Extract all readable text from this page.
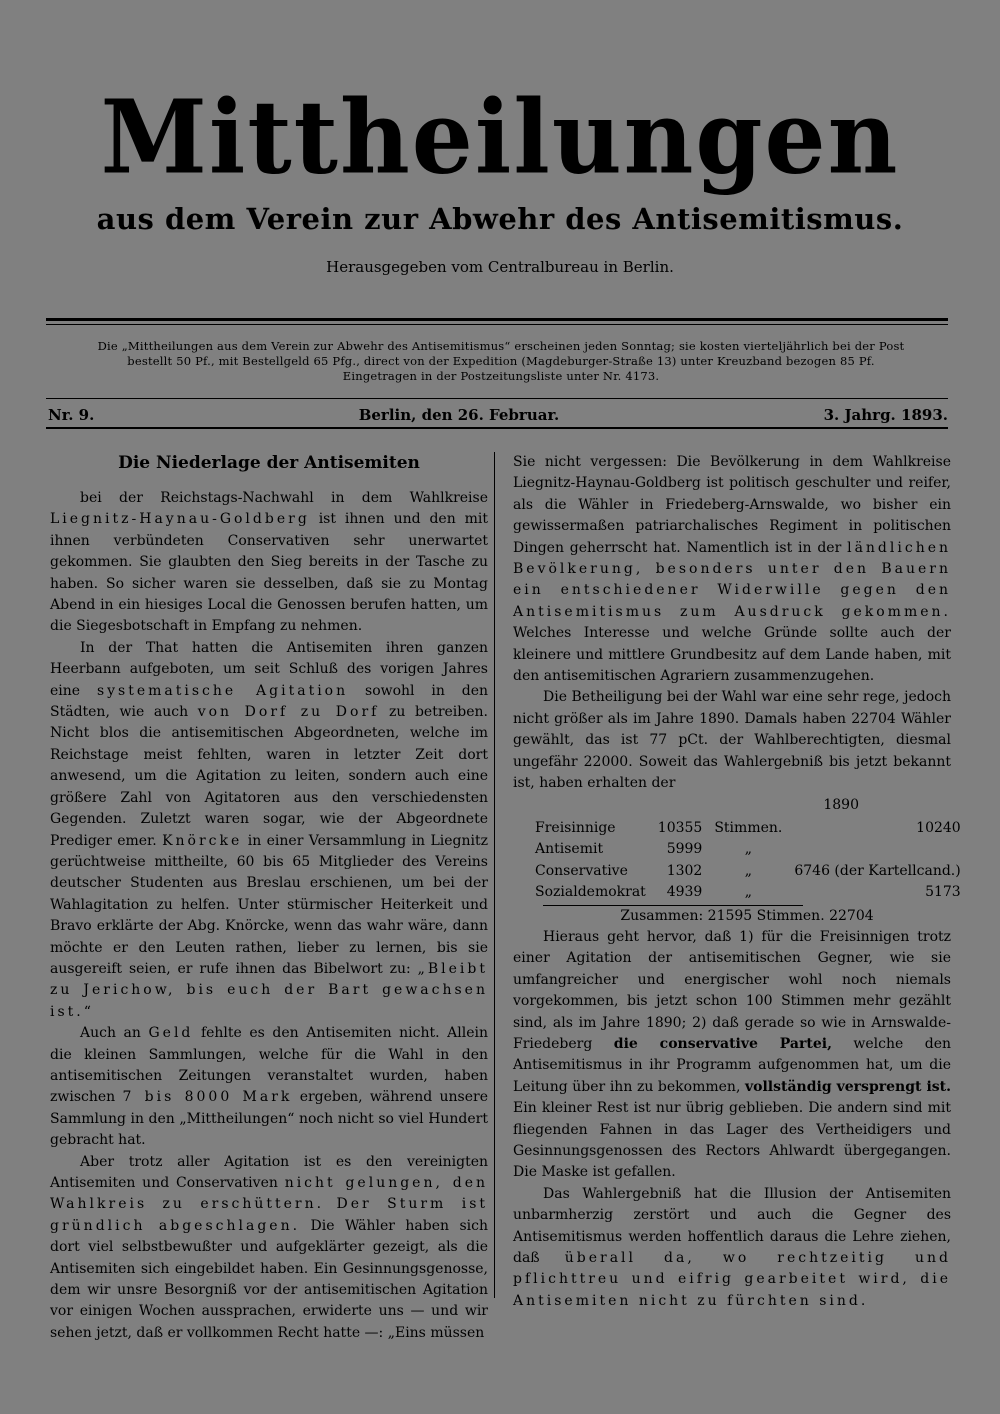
Mittheilungen
aus dem Verein zur Abwehr des Antisemitismus.
Herausgegeben vom Centralbureau in Berlin.
Die „Mittheilungen aus dem Verein zur Abwehr des Antisemitismus“ erscheinen jeden Sonntag; sie kosten vierteljährlich bei der Post bestellt 50 Pf., mit Bestellgeld 65 Pfg., direct von der Expedition (Magdeburger-Straße 13) unter Kreuzband bezogen 85 Pf. Eingetragen in der Postzeitungsliste unter Nr. 4173.
Nr. 9.	Berlin, den 26. Februar.	3. Jahrg. 1893.
Die Niederlage der Antisemiten

bei der Reichstags-Nachwahl in dem Wahlkreise Liegnitz-Haynau-Goldberg ist ihnen und den mit ihnen verbündeten Conservativen sehr unerwartet gekommen. Sie glaubten den Sieg bereits in der Tasche zu haben. So sicher waren sie desselben, daß sie zu Montag Abend in ein hiesiges Local die Genossen berufen hatten, um die Siegesbotschaft in Empfang zu nehmen.

In der That hatten die Antisemiten ihren ganzen Heerbann aufgeboten, um seit Schluß des vorigen Jahres eine systematische Agitation sowohl in den Städten, wie auch von Dorf zu Dorf zu betreiben. Nicht blos die antisemitischen Abgeordneten, welche im Reichstage meist fehlten, waren in letzter Zeit dort anwesend, um die Agitation zu leiten, sondern auch eine größere Zahl von Agitatoren aus den verschiedensten Gegenden. Zuletzt waren sogar, wie der Abgeordnete Prediger emer. Knörcke in einer Versammlung in Liegnitz gerüchtweise mittheilte, 60 bis 65 Mitglieder des Vereins deutscher Studenten aus Breslau erschienen, um bei der Wahlagitation zu helfen. Unter stürmischer Heiterkeit und Bravo erklärte der Abg. Knörcke, wenn das wahr wäre, dann möchte er den Leuten rathen, lieber zu lernen, bis sie ausgereift seien, er rufe ihnen das Bibelwort zu: „Bleibt zu Jerichow, bis euch der Bart gewachsen ist.“

Auch an Geld fehlte es den Antisemiten nicht. Allein die kleinen Sammlungen, welche für die Wahl in den antisemitischen Zeitungen veranstaltet wurden, haben zwischen 7 bis 8000 Mark ergeben, während unsere Sammlung in den „Mittheilungen“ noch nicht so viel Hundert gebracht hat.

Aber trotz aller Agitation ist es den vereinigten Antisemiten und Conservativen nicht gelungen, den Wahlkreis zu erschüttern. Der Sturm ist gründlich abgeschlagen. Die Wähler haben sich dort viel selbstbewußter und aufgeklärter gezeigt, als die Antisemiten sich eingebildet haben. Ein Gesinnungsgenosse, dem wir unsre Besorgniß vor der antisemitischen Agitation vor einigen Wochen aussprachen, erwiderte uns — und wir sehen jetzt, daß er vollkommen Recht hatte —: „Eins müssen

Sie nicht vergessen: Die Bevölkerung in dem Wahlkreise Liegnitz-Haynau-Goldberg ist politisch geschulter und reifer, als die Wähler in Friedeberg-Arnswalde, wo bisher ein gewissermaßen patriarchalisches Regiment in politischen Dingen geherrscht hat. Namentlich ist in der ländlichen Bevölkerung, besonders unter den Bauern ein entschiedener Widerwille gegen den Antisemitismus zum Ausdruck gekommen. Welches Interesse und welche Gründe sollte auch der kleinere und mittlere Grundbesitz auf dem Lande haben, mit den antisemitischen Agrariern zusammenzugehen.

Die Betheiligung bei der Wahl war eine sehr rege, jedoch nicht größer als im Jahre 1890. Damals haben 22704 Wähler gewählt, das ist 77 pCt. der Wahlberechtigten, diesmal ungefähr 22000. Soweit das Wahlergebniß bis jetzt bekannt ist, haben erhalten der

1890
Freisinnige	10355	Stimmen.	10240
Antisemit	5999	„	
Conservative	1302	„	6746 (der Kartellcand.)
Sozialdemokrat	4939	„	5173
Zusammen: 21595 Stimmen. 22704

Hieraus geht hervor, daß 1) für die Freisinnigen trotz einer Agitation der antisemitischen Gegner, wie sie umfangreicher und energischer wohl noch niemals vorgekommen, bis jetzt schon 100 Stimmen mehr gezählt sind, als im Jahre 1890; 2) daß gerade so wie in Arnswalde-Friedeberg die conservative Partei, welche den Antisemitismus in ihr Programm aufgenommen hat, um die Leitung über ihn zu bekommen, vollständig versprengt ist. Ein kleiner Rest ist nur übrig geblieben. Die andern sind mit fliegenden Fahnen in das Lager des Vertheidigers und Gesinnungsgenossen des Rectors Ahlwardt übergegangen. Die Maske ist gefallen.

Das Wahlergebniß hat die Illusion der Antisemiten unbarmherzig zerstört und auch die Gegner des Antisemitismus werden hoffentlich daraus die Lehre ziehen, daß überall da, wo rechtzeitig und pflichttreu und eifrig gearbeitet wird, die Antisemiten nicht zu fürchten sind.
